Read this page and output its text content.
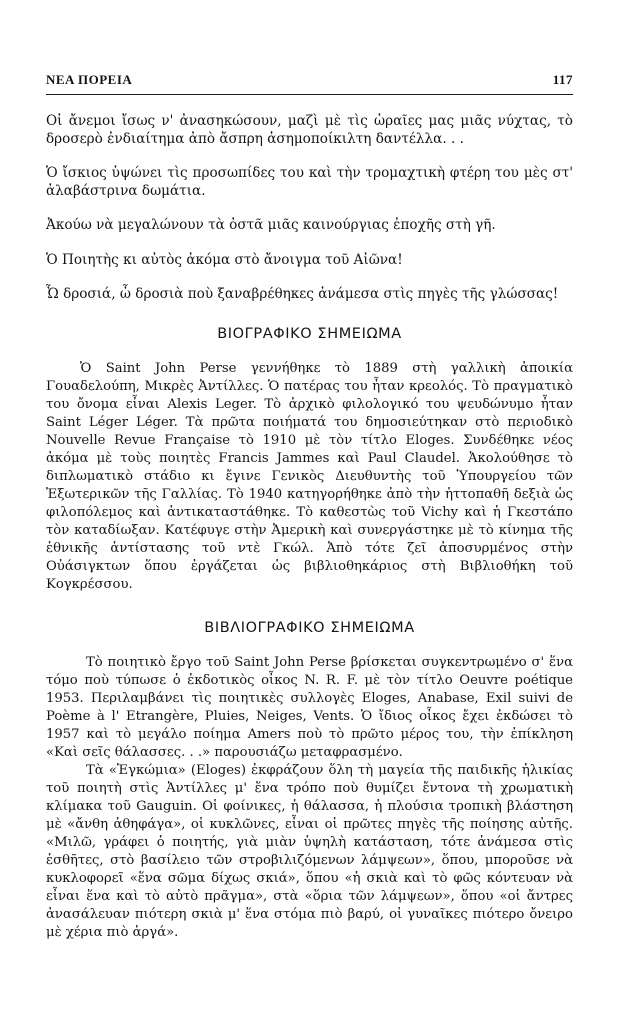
ΝΕΑ ΠΟΡΕΙΑ	117

Οἱ ἄνεμοι ἴσως ν' ἀνασηκώσουν, μαζὶ μὲ τὶς ὡραῖες μας μιᾶς νύχτας, τὸ δροσερὸ ἐνδιαίτημα ἀπὸ ἄσπρη ἀσημοποίκιλτη δαντέλλα. . .

Ὁ ἴσκιος ὑψώνει τὶς προσωπίδες του καὶ τὴν τρομαχτικὴ φτέρη του μὲς στ' ἀλαβάστρινα δωμάτια.

Ἀκούω νὰ μεγαλώνουν τὰ ὀστᾶ μιᾶς καινούργιας ἐποχῆς στὴ γῆ.

Ὁ Ποιητὴς κι αὐτὸς ἀκόμα στὸ ἄνοιγμα τοῦ Αἰῶνα!

Ὦ δροσιά, ὦ δροσιὰ ποὺ ξαναβρέθηκες ἀνάμεσα στὶς πηγὲς τῆς γλώσσας!

ΒΙΟΓΡΑΦΙΚΟ ΣΗΜΕΙΩΜΑ

Ὁ Saint John Perse γεννήθηκε τὸ 1889 στὴ γαλλικὴ ἀποικία Γουαδελούπη, Μικρὲς Ἀντίλλες. Ὁ πατέρας του ἦταν κρεολός. Τὸ πραγματικὸ του ὄνομα εἶναι Alexis Leger. Τὸ ἀρχικὸ φιλολογικό του ψευδώνυμο ἦταν Saint Léger Léger. Τὰ πρῶτα ποιήματά του δημοσιεύτηκαν στὸ περιοδικὸ Nouvelle Revue Française τὸ 1910 μὲ τὸν τίτλο Eloges. Συνδέθηκε νέος ἀκόμα μὲ τοὺς ποιητὲς Francis Jammes καὶ Paul Claudel. Ἀκολούθησε τὸ διπλωματικὸ στάδιο κι ἔγινε Γενικὸς Διευθυντὴς τοῦ Ὑπουργείου τῶν Ἐξωτερικῶν τῆς Γαλλίας. Τὸ 1940 κατηγορήθηκε ἀπὸ τὴν ἡττοπαθῆ δεξιὰ ὡς φιλοπόλεμος καὶ ἀντικαταστάθηκε. Τὸ καθεστὼς τοῦ Vichy καὶ ἡ Γκεστάπο τὸν καταδίωξαν. Κατέφυγε στὴν Ἀμερικὴ καὶ συνεργάστηκε μὲ τὸ κίνημα τῆς ἐθνικῆς ἀντίστασης τοῦ ντὲ Γκώλ. Ἀπὸ τότε ζεῖ ἀποσυρμένος στὴν Οὐάσιγκτων ὅπου ἐργάζεται ὡς βιβλιοθηκάριος στὴ Βιβλιοθήκη τοῦ Κογκρέσσου.

ΒΙΒΛΙΟΓΡΑΦΙΚΟ ΣΗΜΕΙΩΜΑ

Τὸ ποιητικὸ ἔργο τοῦ Saint John Perse βρίσκεται συγκεντρωμένο σ' ἕνα τόμο ποὺ τύπωσε ὁ ἐκδοτικὸς οἶκος N. R. F. μὲ τὸν τίτλο Oeuvre poétique 1953. Περιλαμβάνει τὶς ποιητικὲς συλλογὲς Eloges, Anabase, Exil suivi de Poème à l' Etrangère, Pluies, Neiges, Vents. Ὁ ἴδιος οἶκος ἔχει ἐκδώσει τὸ 1957 καὶ τὸ μεγάλο ποίημα Amers ποὺ τὸ πρῶτο μέρος του, τὴν ἐπίκληση «Καὶ σεῖς θάλασσες. . .» παρουσιάζω μεταφρασμένο.

Τὰ «Ἐγκώμια» (Eloges) ἐκφράζουν ὅλη τὴ μαγεία τῆς παιδικῆς ἡλικίας τοῦ ποιητὴ στὶς Ἀντίλλες μ' ἕνα τρόπο ποὺ θυμίζει ἔντονα τὴ χρωματικὴ κλίμακα τοῦ Gauguin. Οἱ φοίνικες, ἡ θάλασσα, ἡ πλούσια τροπικὴ βλάστηση μὲ «ἄνθη ἀθηφάγα», οἱ κυκλῶνες, εἶναι οἱ πρῶτες πηγὲς τῆς ποίησης αὐτῆς. «Μιλῶ, γράφει ὁ ποιητής, γιὰ μιὰν ὑψηλὴ κατάσταση, τότε ἀνάμεσα στὶς ἐσθῆτες, στὸ βασίλειο τῶν στροβιλιζόμενων λάμψεων», ὅπου, μποροῦσε νὰ κυκλοφορεῖ «ἕνα σῶμα δίχως σκιά», ὅπου «ἡ σκιὰ καὶ τὸ φῶς κόντευαν νὰ εἶναι ἕνα καὶ τὸ αὐτὸ πρᾶγμα», στὰ «ὅρια τῶν λάμψεων», ὅπου «οἱ ἄντρες ἀνασάλευαν πιότερη σκιὰ μ' ἕνα στόμα πιὸ βαρύ, οἱ γυναῖκες πιότερο ὄνειρο μὲ χέρια πιὸ ἀργά».
